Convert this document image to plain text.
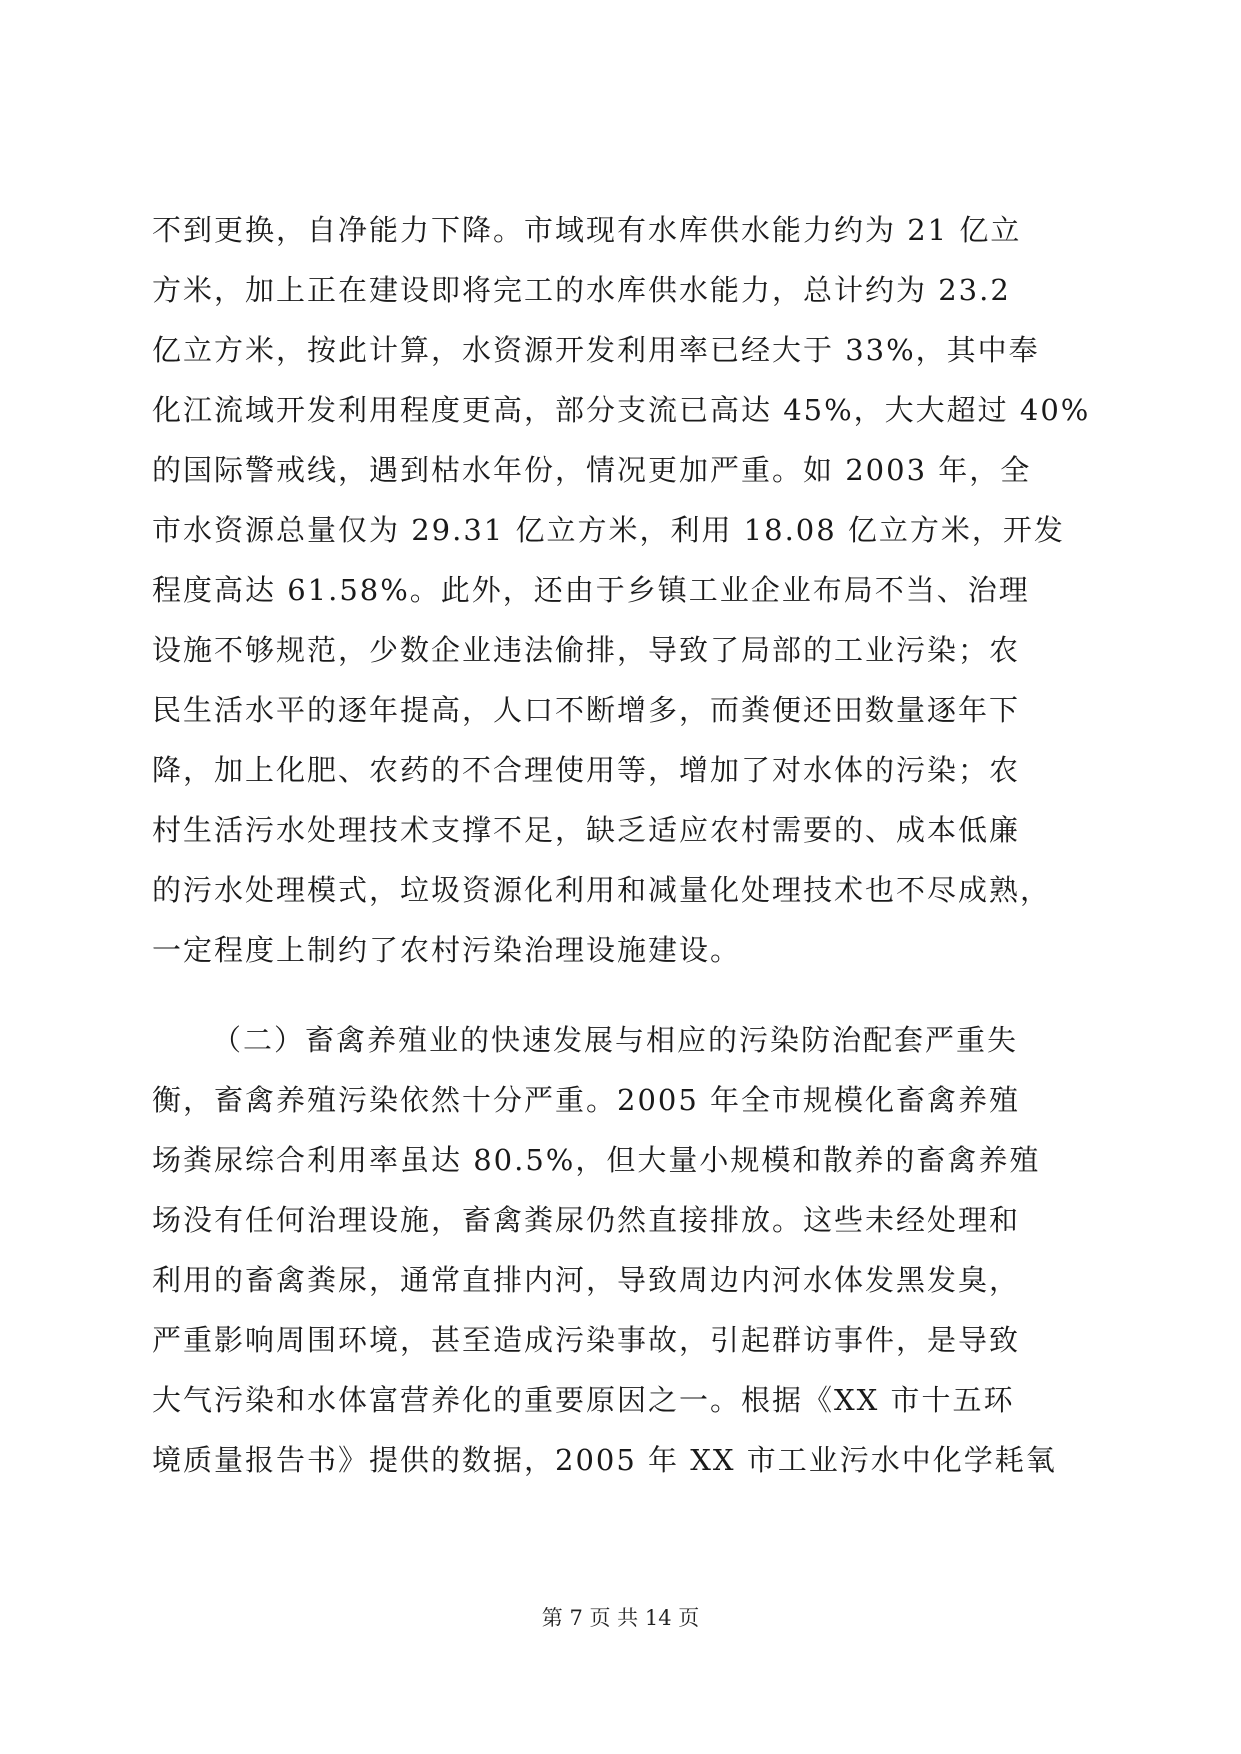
不到更换，自净能力下降。市域现有水库供水能力约为 21 亿立
方米，加上正在建设即将完工的水库供水能力，总计约为 23.2
亿立方米，按此计算，水资源开发利用率已经大于 33%，其中奉
化江流域开发利用程度更高，部分支流已高达 45%，大大超过 40%
的国际警戒线，遇到枯水年份，情况更加严重。如 2003 年，全
市水资源总量仅为 29.31 亿立方米，利用 18.08 亿立方米，开发
程度高达 61.58%。此外，还由于乡镇工业企业布局不当、治理
设施不够规范，少数企业违法偷排，导致了局部的工业污染；农
民生活水平的逐年提高，人口不断增多，而粪便还田数量逐年下
降，加上化肥、农药的不合理使用等，增加了对水体的污染；农
村生活污水处理技术支撑不足，缺乏适应农村需要的、成本低廉
的污水处理模式，垃圾资源化利用和减量化处理技术也不尽成熟，
一定程度上制约了农村污染治理设施建设。
（二）畜禽养殖业的快速发展与相应的污染防治配套严重失
衡，畜禽养殖污染依然十分严重。2005 年全市规模化畜禽养殖
场粪尿综合利用率虽达 80.5%，但大量小规模和散养的畜禽养殖
场没有任何治理设施，畜禽粪尿仍然直接排放。这些未经处理和
利用的畜禽粪尿，通常直排内河，导致周边内河水体发黑发臭，
严重影响周围环境，甚至造成污染事故，引起群访事件，是导致
大气污染和水体富营养化的重要原因之一。根据《XX 市十五环
境质量报告书》提供的数据，2005 年 XX 市工业污水中化学耗氧
第 7 页 共 14 页
